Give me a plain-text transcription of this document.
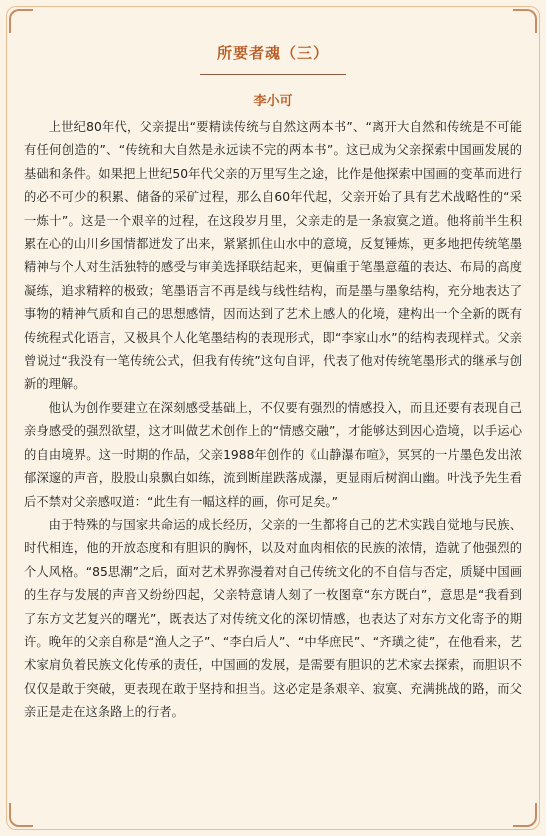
所要者魂（三）
李小可

上世纪80年代，父亲提出“要精读传统与自然这两本书”、“离开大自然和传统是不可能有任何创造的”、“传统和大自然是永远读不完的两本书”。这已成为父亲探索中国画发展的基础和条件。如果把上世纪50年代父亲的万里写生之途，比作是他探索中国画的变革而进行的必不可少的积累、储备的采矿过程，那么自60年代起，父亲开始了具有艺术战略性的“采一炼十”。这是一个艰辛的过程，在这段岁月里，父亲走的是一条寂寞之道。他将前半生积累在心的山川乡国情都迸发了出来，紧紧抓住山水中的意境，反复锤炼，更多地把传统笔墨精神与个人对生活独特的感受与审美选择联结起来，更偏重于笔墨意蕴的表达、布局的高度凝练，追求精粹的极致；笔墨语言不再是线与线性结构，而是墨与墨象结构，充分地表达了事物的精神气质和自己的思想感情，因而达到了艺术上感人的化境，建构出一个全新的既有传统程式化语言，又极具个人化笔墨结构的表现形式，即“李家山水”的结构表现样式。父亲曾说过“我没有一笔传统公式，但我有传统”这句自评，代表了他对传统笔墨形式的继承与创新的理解。

他认为创作要建立在深刻感受基础上，不仅要有强烈的情感投入，而且还要有表现自己亲身感受的强烈欲望，这才叫做艺术创作上的“情感交融”，才能够达到因心造境，以手运心的自由境界。这一时期的作品，父亲1988年创作的《山静瀑布喧》，冥冥的一片墨色发出浓郁深邃的声音，股股山泉飘白如练，流到断崖跌落成瀑，更显雨后树润山幽。叶浅予先生看后不禁对父亲感叹道：“此生有一幅这样的画，你可足矣。”

由于特殊的与国家共命运的成长经历，父亲的一生都将自己的艺术实践自觉地与民族、时代相连，他的开放态度和有胆识的胸怀，以及对血肉相依的民族的浓情，造就了他强烈的个人风格。“85思潮”之后，面对艺术界弥漫着对自己传统文化的不自信与否定，质疑中国画的生存与发展的声音又纷纷四起，父亲特意请人刻了一枚图章“东方既白”，意思是“我看到了东方文艺复兴的曙光”，既表达了对传统文化的深切情感，也表达了对东方文化寄予的期许。晚年的父亲自称是“渔人之子”、“李白后人”、“中华庶民”、“齐璜之徒”，在他看来，艺术家肩负着民族文化传承的责任，中国画的发展，是需要有胆识的艺术家去探索，而胆识不仅仅是敢于突破，更表现在敢于坚持和担当。这必定是条艰辛、寂寞、充满挑战的路，而父亲正是走在这条路上的行者。
